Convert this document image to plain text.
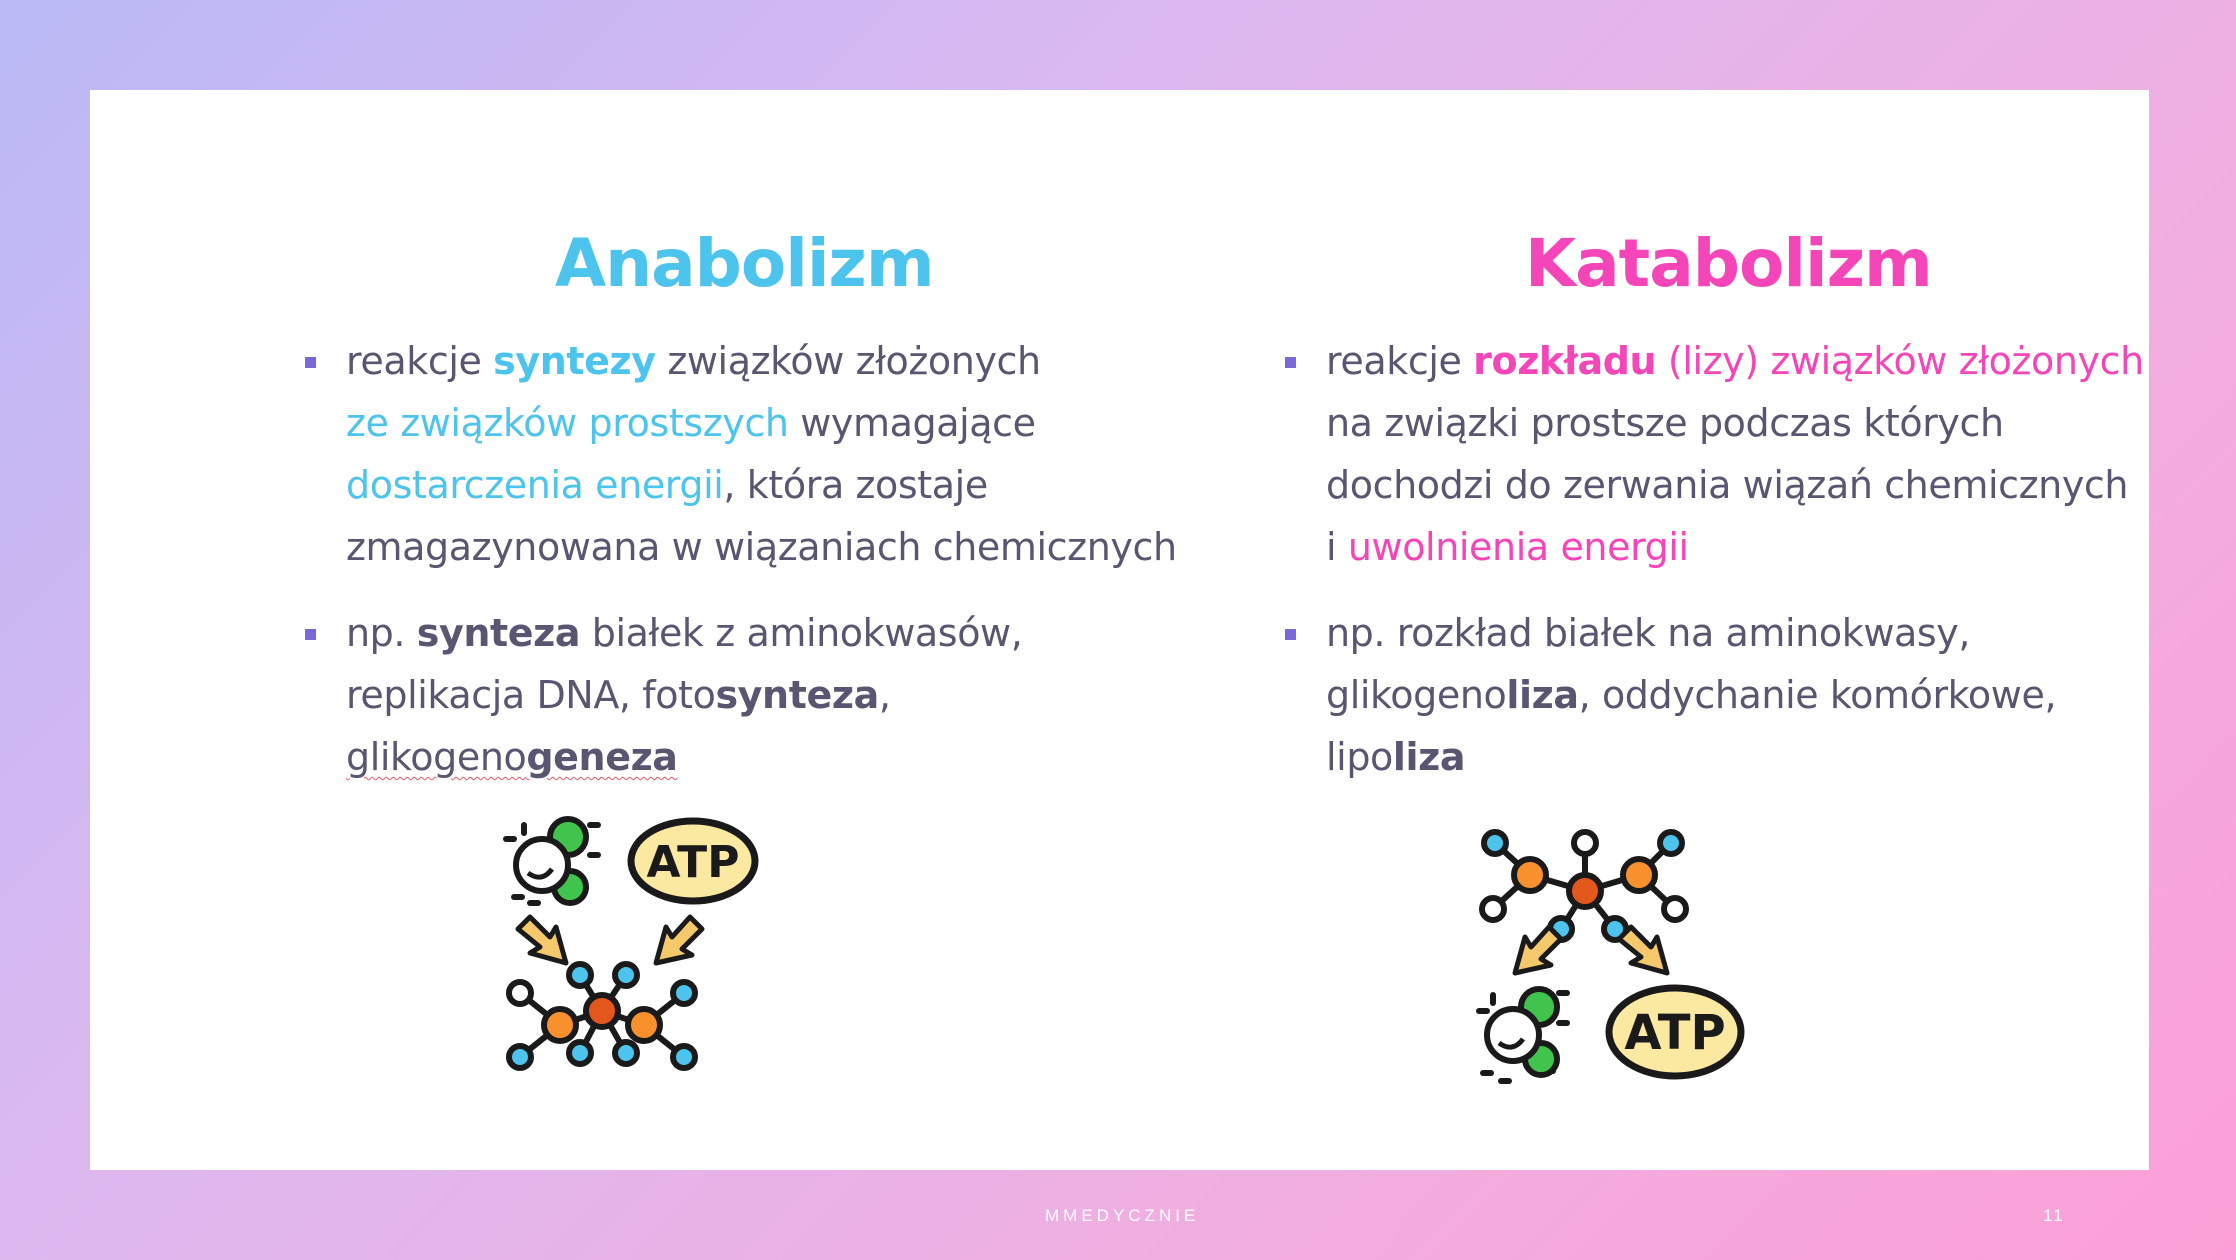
Anabolizm
reakcje syntezy związków złożonych
ze związków prostszych wymagające
dostarczenia energii, która zostaje
zmagazynowana w wiązaniach chemicznych
np. synteza białek z aminokwasów,
replikacja DNA, fotosynteza,
glikogenogeneza
Katabolizm
reakcje rozkładu (lizy) związków złożonych
na związki prostsze podczas których
dochodzi do zerwania wiązań chemicznych
i uwolnienia energii
np. rozkład białek na aminokwasy,
glikogenoliza, oddychanie komórkowe,
lipoliza
ATP
ATP
MMEDYCZNIE	11
